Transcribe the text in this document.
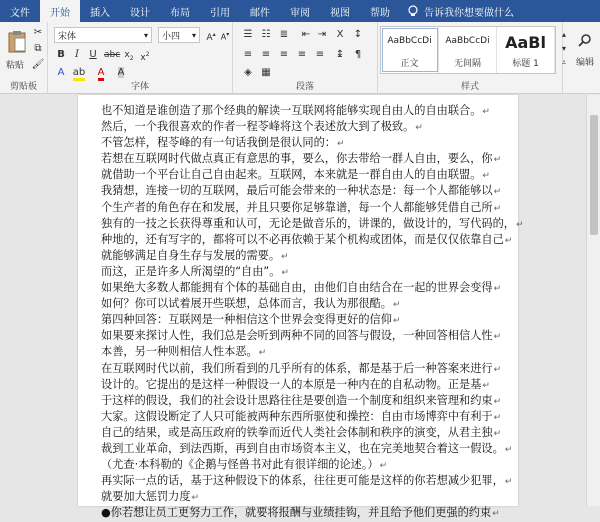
文件	开始	插入	设计	布局	引用	邮件	审阅	视图	帮助	告诉我你想要做什么
粘贴
✂
⧉
🖌
剪贴板
宋体	▾ 小四 ▾ A▴ A▾
B	I	U abc $x_2$ $x^2$
A ab	A	A
字体
☰ ☷ ≣ ⇤ ⇥	X	↕
≡ ≡ ≡ ≡ ≡ ↨	¶
◈ ▦
段落	样式
AaBbCcDi
正文
AaBbCcDi
无间隔
AaBl
标题 1
▴
▾
⩡	编辑
也不知道是谁创造了那个经典的解读一互联网将能够实现自由人的自由联合。↵
然后，一个我很喜欢的作者一程苓峰将这个表述放大到了极致。↵
不管怎样，程苓峰的有一句话我倒是很认同的：↵
若想在互联网时代做点真正有意思的事，要么，你去带给一群人自由，要么，你↵
就借助一个平台让自己自由起来。互联网，本来就是一群自由人的自由联盟。↵
我猜想，连接一切的互联网，最后可能会带来的一种状态是：每一个人都能够以↵
个生产者的角色存在和发展，并且只要你足够靠谱，每一个人都能够凭借自己所↵
独有的一技之长获得尊重和认可，无论是做音乐的，讲课的，做设计的，写代码的，↵
种地的，还有写字的，都将可以不必再依赖于某个机构或团体，而是仅仅依靠自己↵
就能够满足自身生存与发展的需要。↵
而这，正是许多人所渴望的“自由”。↵
如果绝大多数人都能拥有个体的基础自由，由他们自由结合在一起的世界会变得↵
如何？你可以试着展开些联想，总体而言，我认为那很酷。↵
第四种回答：互联网是一种相信这个世界会变得更好的信仰↵
如果要来探讨人性，我们总是会听到两种不同的回答与假设，一种回答相信人性↵
本善，另一种则相信人性本恶。↵
在互联网时代以前，我们所看到的几乎所有的体系，都是基于后一种答案来进行↵
设计的。它提出的是这样一种假设一人的本原是一种内在的自私动物。正是基↵
于这样的假设，我们的社会设计思路往往是要创造一个制度和组织来管理和约束↵
大家。这假设断定了人只可能被两种东西所驱使和操控：自由市场博弈中有利于↵
自己的结果，或是高压政府的铁拳而近代人类社会体制和秩序的演变，从君主独↵
裁到工业革命，到法西斯，再到自由市场资本主义，也在完美地契合着这一假设。↵
（尤查·本科勒的《企鹅与怪兽书对此有很详细的论述。）↵
再实际一点的话，基于这种假设下的体系，往往更可能是这样的你若想减少犯罪，↵
就要加大惩罚力度↵
●你若想让员工更努力工作，就要将报酬与业绩挂钩，并且给予他们更强的约束↵
